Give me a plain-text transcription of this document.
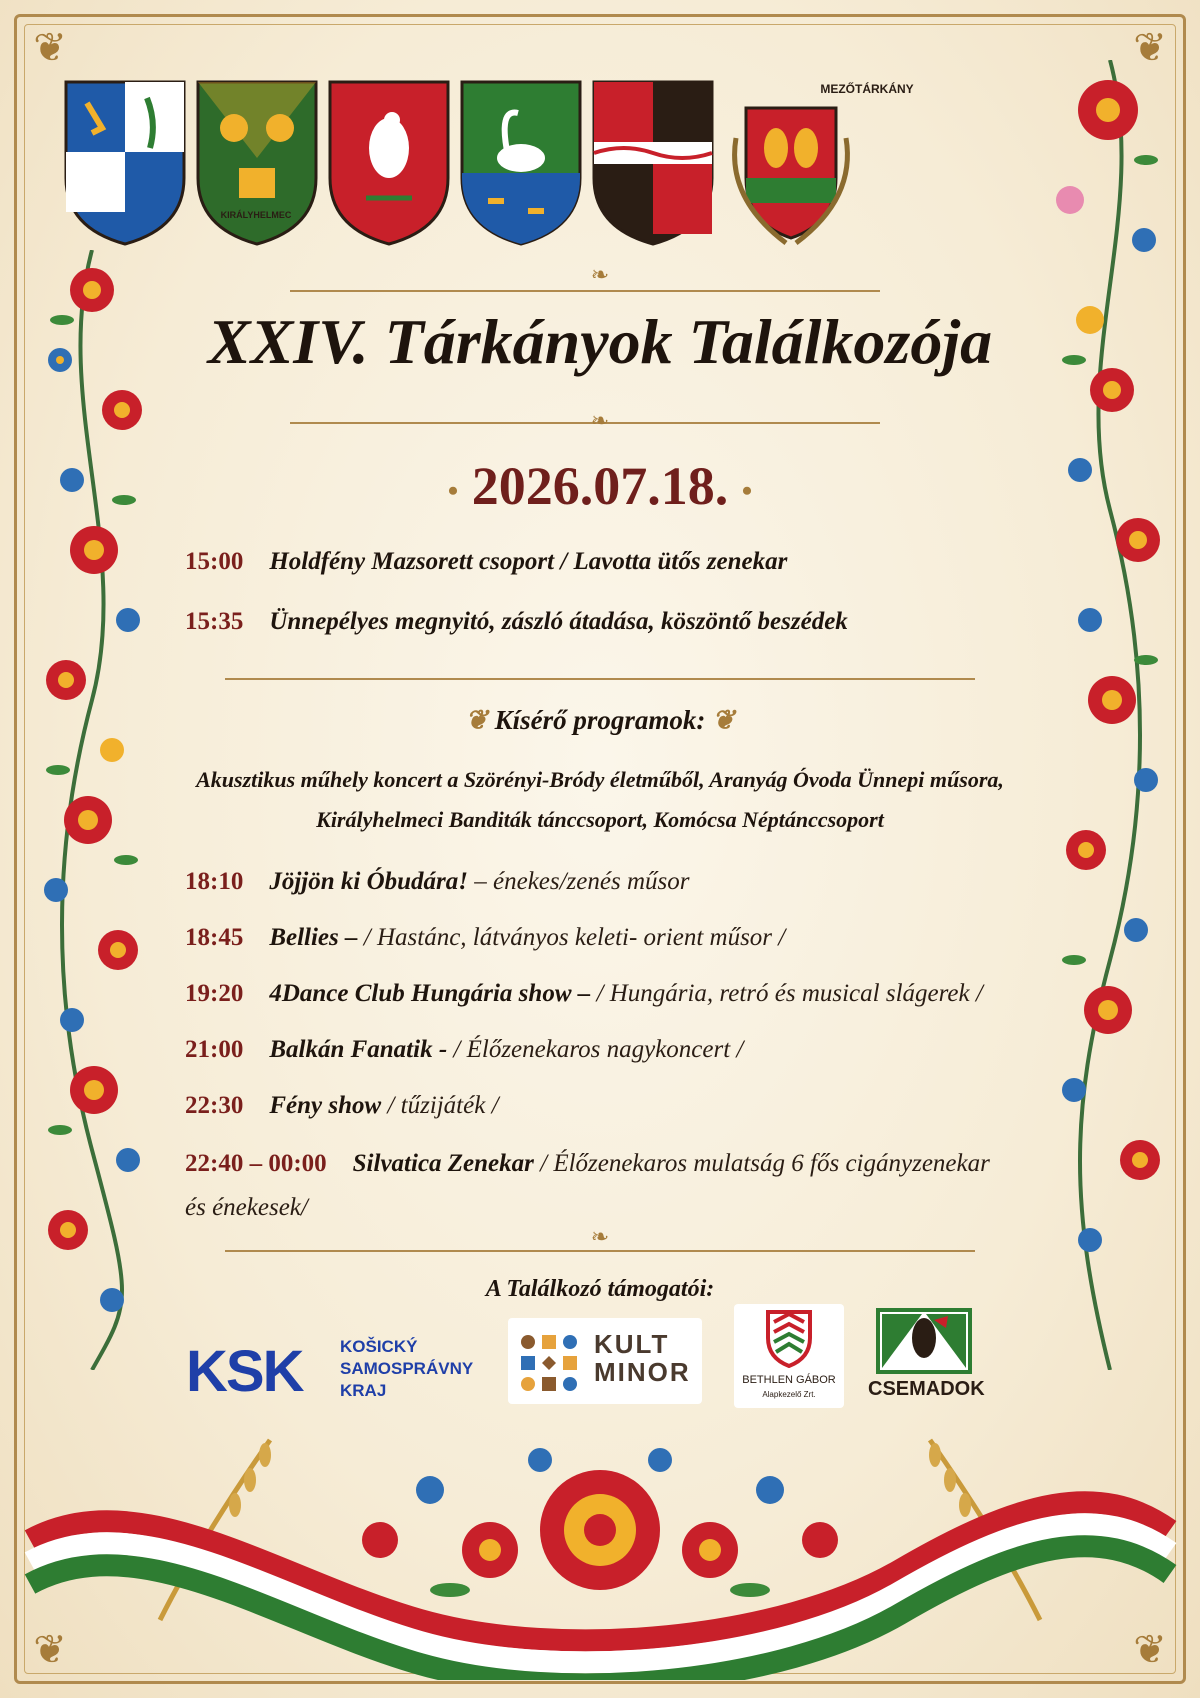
❦	❦
❦	❦
KIRÁLYHELMEC
MEZŐTÁRKÁNY
❧
XXIV. Tárkányok Találkozója
❧
• 2026.07.18. •
15:00 Holdfény Mazsorett csoport / Lavotta ütős zenekar
15:35 Ünnepélyes megnyitó, zászló átadása, köszöntő beszédek
❦ Kísérő programok: ❦
Akusztikus műhely koncert a Szörényi-Bródy életműből, Aranyág Óvoda Ünnepi műsora,
Királyhelmeci Banditák tánccsoport, Komócsa Néptánccsoport
18:10 Jöjjön ki Óbudára! – énekes/zenés műsor
18:45 Bellies – / Hastánc, látványos keleti- orient műsor /
19:20 4Dance Club Hungária show – / Hungária, retró és musical slágerek /
21:00 Balkán Fanatik - / Élőzenekaros nagykoncert /
22:30 Fény show / tűzijáték /
22:40 – 00:00 Silvatica Zenekar / Élőzenekaros mulatság 6 fős cigányzenekar
és énekesek/
❧
A Találkozó támogatói:
KSK KOŠICKÝ
SAMOSPRÁVNY
KRAJ
KULT
MINOR	BETHLEN GÁBOR
Alapkezelő Zrt.	CSEMADOK
